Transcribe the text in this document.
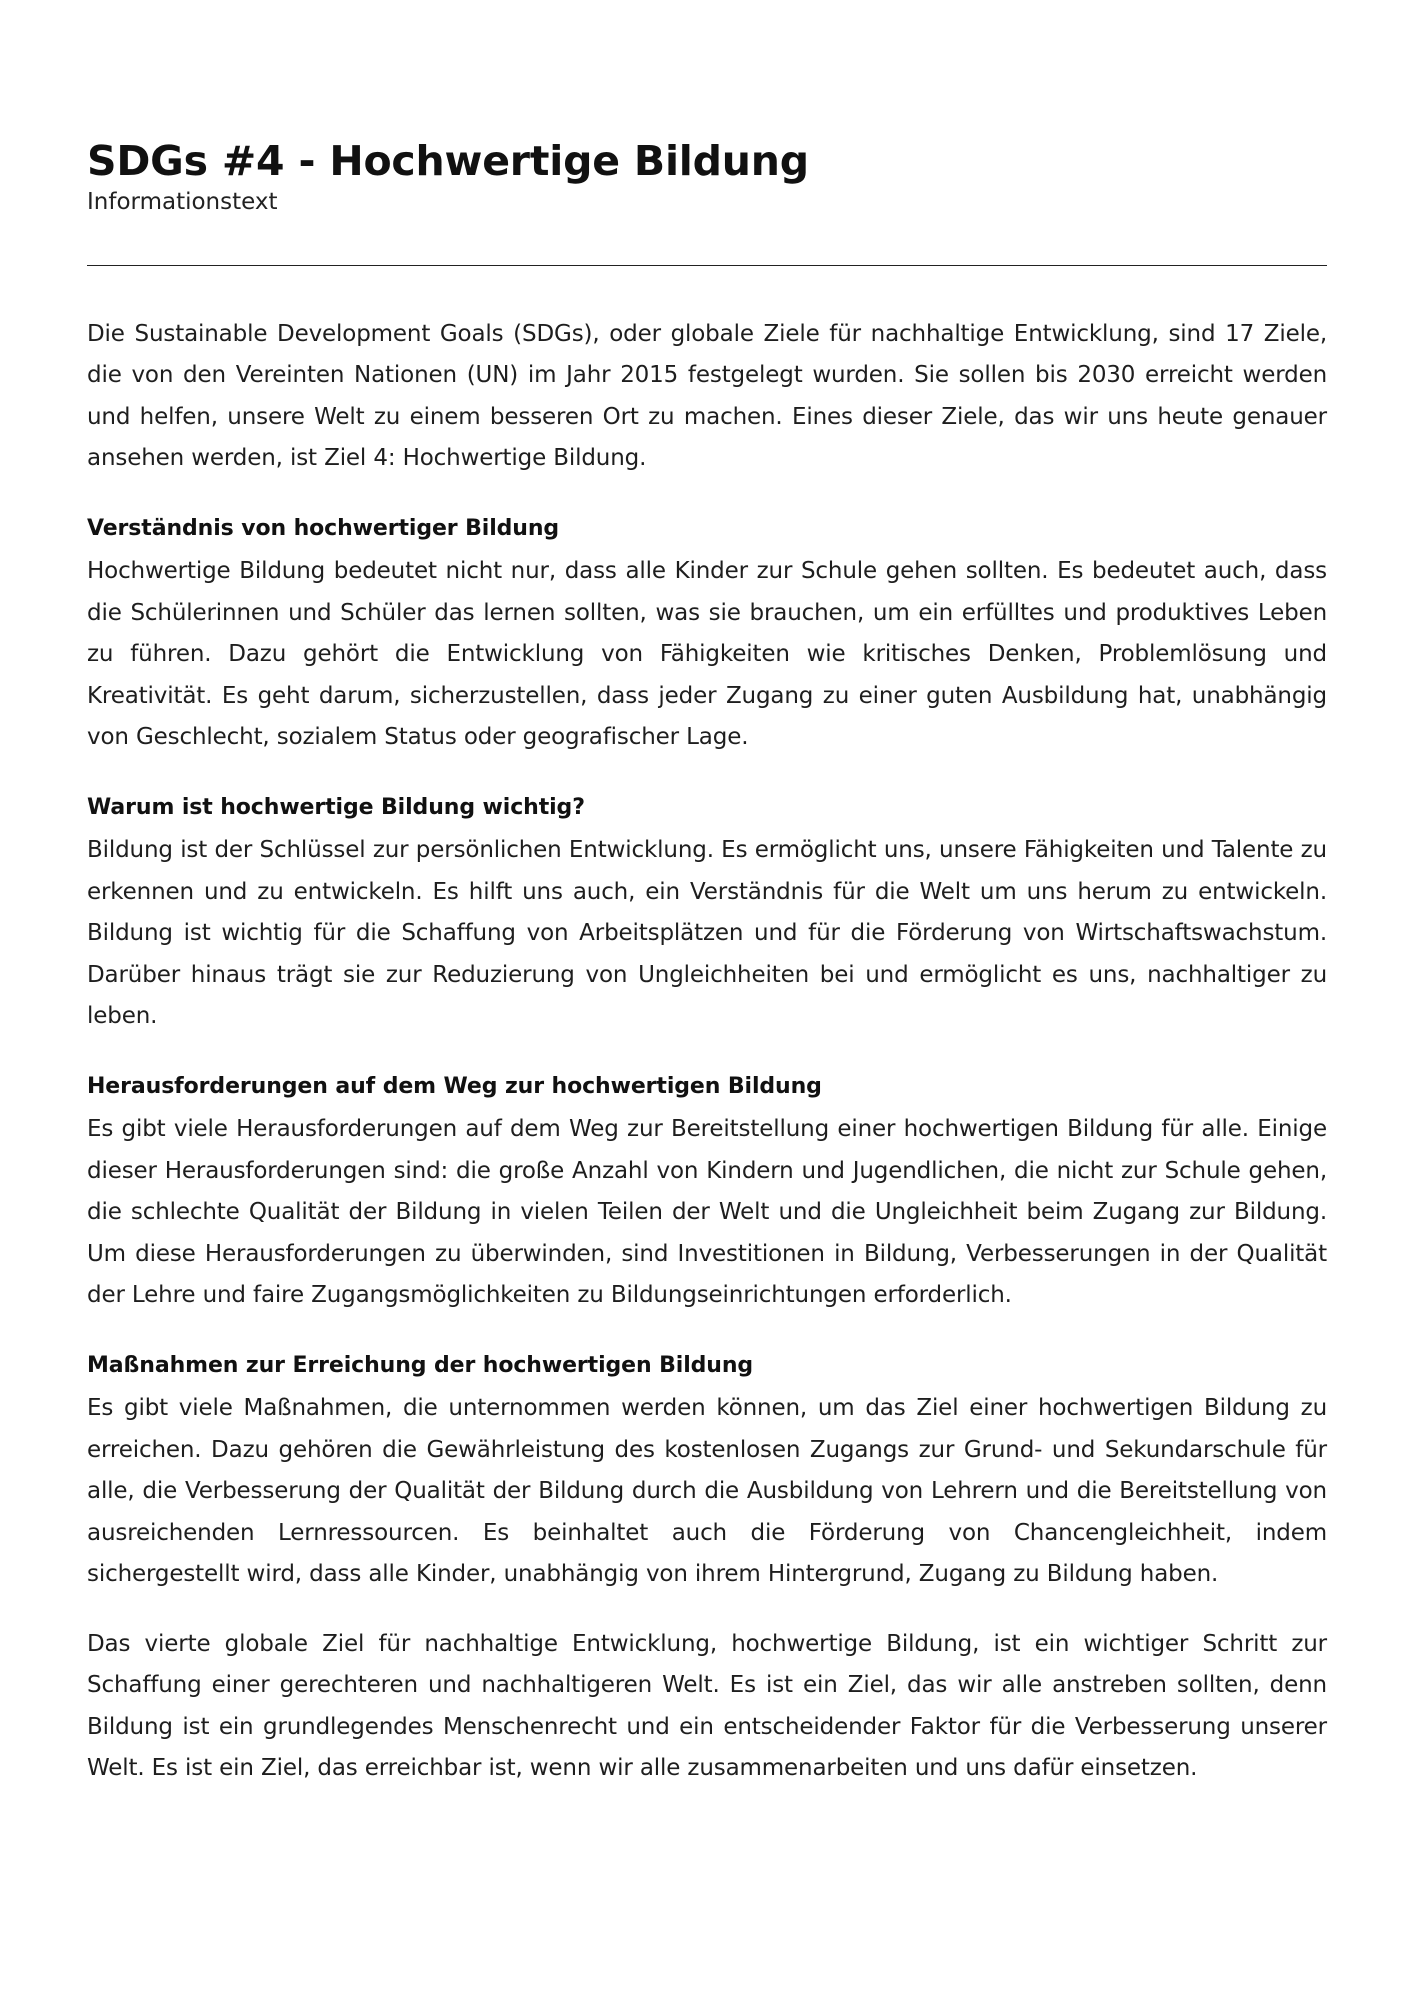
SDGs #4 - Hochwertige Bildung
Informationstext

Die Sustainable Development Goals (SDGs), oder globale Ziele für nachhaltige Entwicklung, sind 17 Ziele, die von den Vereinten Nationen (UN) im Jahr 2015 festgelegt wurden. Sie sollen bis 2030 erreicht werden und helfen, unsere Welt zu einem besseren Ort zu machen. Eines dieser Ziele, das wir uns heute genauer ansehen werden, ist Ziel 4: Hochwertige Bildung.

Verständnis von hochwertiger Bildung

Hochwertige Bildung bedeutet nicht nur, dass alle Kinder zur Schule gehen sollten. Es bedeutet auch, dass die Schülerinnen und Schüler das lernen sollten, was sie brauchen, um ein erfülltes und produktives Leben zu führen. Dazu gehört die Entwicklung von Fähigkeiten wie kritisches Denken, Problemlösung und Kreativität. Es geht darum, sicherzustellen, dass jeder Zugang zu einer guten Ausbildung hat, unabhängig von Geschlecht, sozialem Status oder geografischer Lage.

Warum ist hochwertige Bildung wichtig?

Bildung ist der Schlüssel zur persönlichen Entwicklung. Es ermöglicht uns, unsere Fähigkeiten und Talente zu erkennen und zu entwickeln. Es hilft uns auch, ein Verständnis für die Welt um uns herum zu entwickeln. Bildung ist wichtig für die Schaffung von Arbeitsplätzen und für die Förderung von Wirtschaftswachstum. Darüber hinaus trägt sie zur Reduzierung von Ungleichheiten bei und ermöglicht es uns, nachhaltiger zu leben.

Herausforderungen auf dem Weg zur hochwertigen Bildung

Es gibt viele Herausforderungen auf dem Weg zur Bereitstellung einer hochwertigen Bildung für alle. Einige dieser Herausforderungen sind: die große Anzahl von Kindern und Jugendlichen, die nicht zur Schule gehen, die schlechte Qualität der Bildung in vielen Teilen der Welt und die Ungleichheit beim Zugang zur Bildung. Um diese Herausforderungen zu überwinden, sind Investitionen in Bildung, Verbesserungen in der Qualität der Lehre und faire Zugangsmöglichkeiten zu Bildungseinrichtungen erforderlich.

Maßnahmen zur Erreichung der hochwertigen Bildung

Es gibt viele Maßnahmen, die unternommen werden können, um das Ziel einer hochwertigen Bildung zu erreichen. Dazu gehören die Gewährleistung des kostenlosen Zugangs zur Grund- und Sekundarschule für alle, die Verbesserung der Qualität der Bildung durch die Ausbildung von Lehrern und die Bereitstellung von ausreichenden Lernressourcen. Es beinhaltet auch die Förderung von Chancengleichheit, indem sichergestellt wird, dass alle Kinder, unabhängig von ihrem Hintergrund, Zugang zu Bildung haben.

Das vierte globale Ziel für nachhaltige Entwicklung, hochwertige Bildung, ist ein wichtiger Schritt zur Schaffung einer gerechteren und nachhaltigeren Welt. Es ist ein Ziel, das wir alle anstreben sollten, denn Bildung ist ein grundlegendes Menschenrecht und ein entscheidender Faktor für die Verbesserung unserer Welt. Es ist ein Ziel, das erreichbar ist, wenn wir alle zusammenarbeiten und uns dafür einsetzen.
